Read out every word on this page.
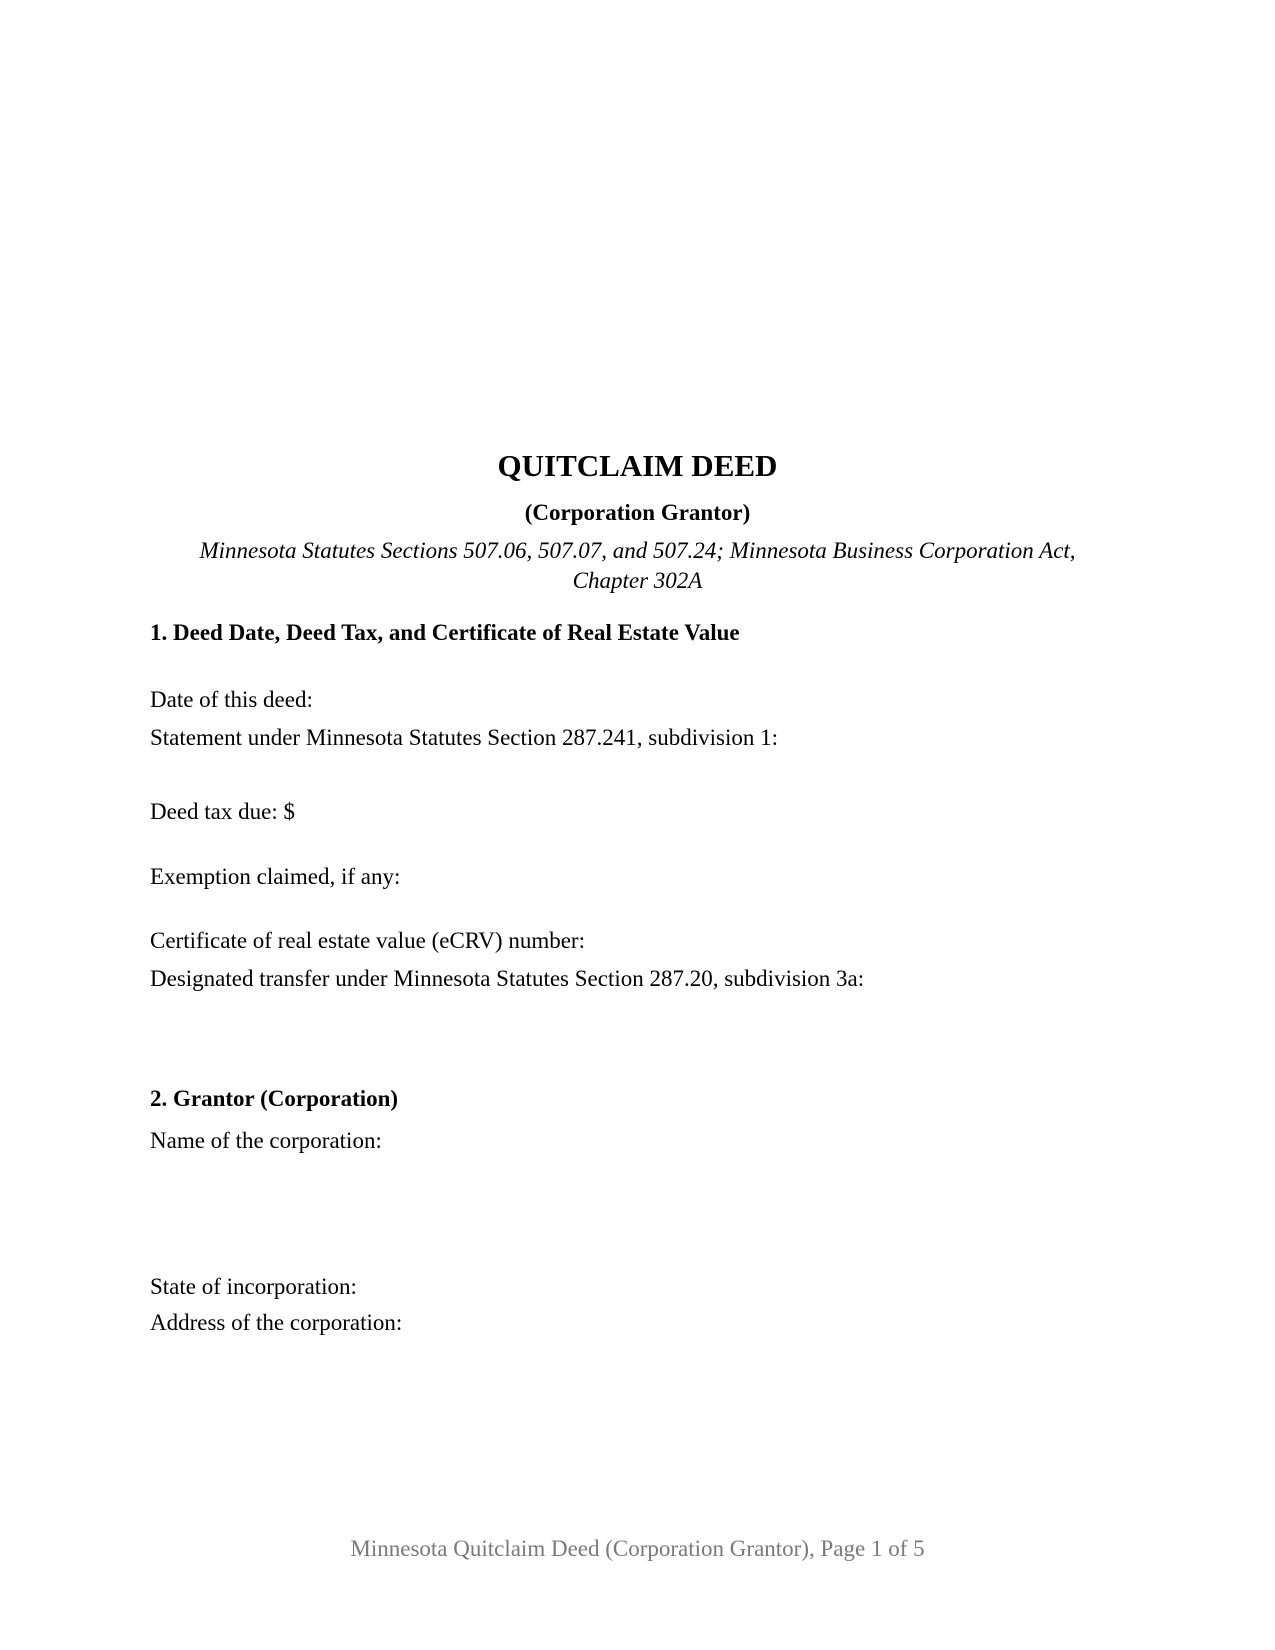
QUITCLAIM DEED
(Corporation Grantor)
Minnesota Statutes Sections 507.06, 507.07, and 507.24; Minnesota Business Corporation Act,
Chapter 302A
1. Deed Date, Deed Tax, and Certificate of Real Estate Value
Date of this deed:
Statement under Minnesota Statutes Section 287.241, subdivision 1:
Deed tax due: $
Exemption claimed, if any:
Certificate of real estate value (eCRV) number:
Designated transfer under Minnesota Statutes Section 287.20, subdivision 3a:
2. Grantor (Corporation)
Name of the corporation:
State of incorporation:
Address of the corporation:
Minnesota Quitclaim Deed (Corporation Grantor), Page 1 of 5
